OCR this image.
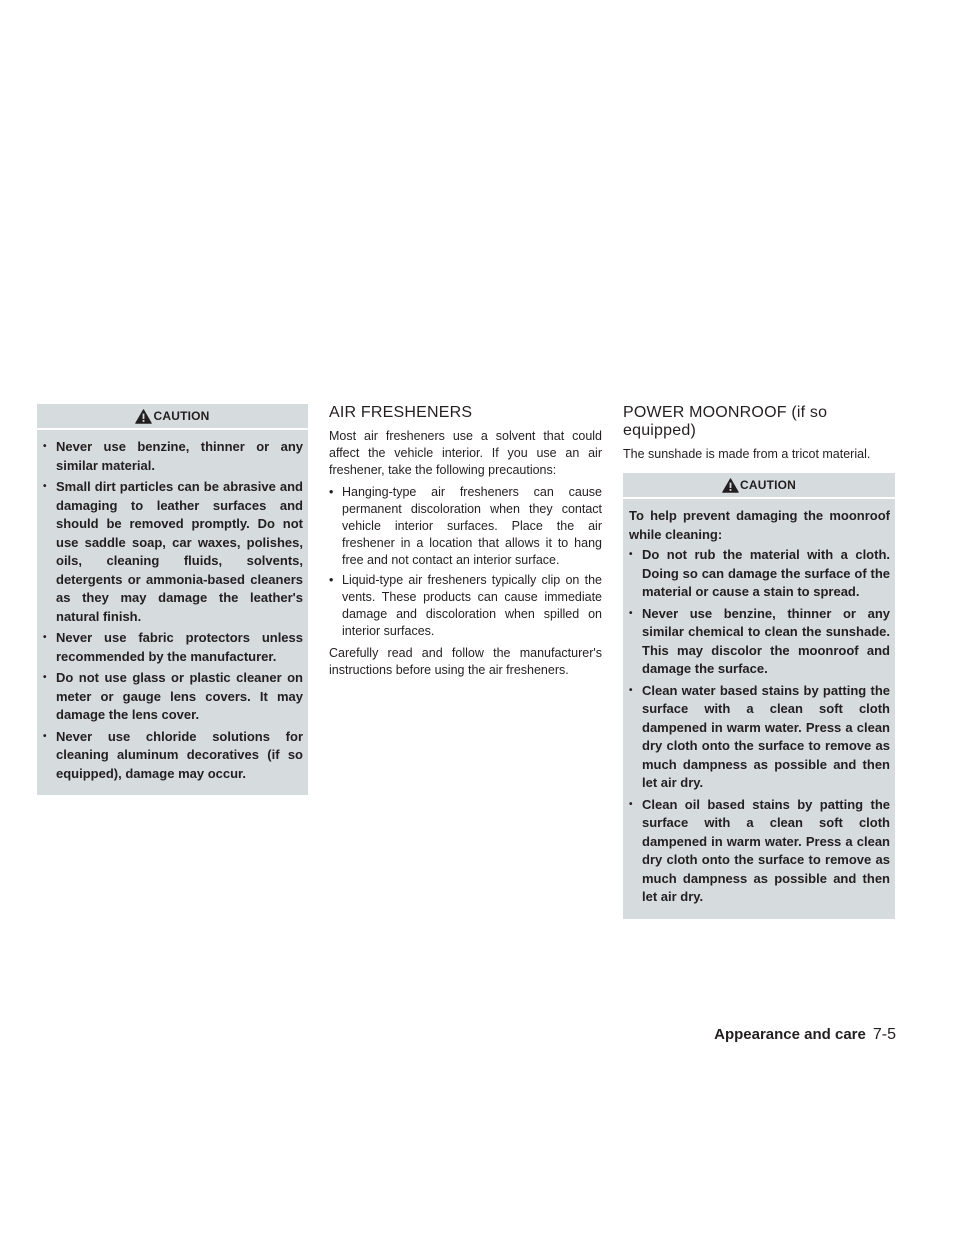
CAUTION
• Never use benzine, thinner or any similar material.
• Small dirt particles can be abrasive and damaging to leather surfaces and should be removed promptly. Do not use saddle soap, car waxes, polishes, oils, cleaning fluids, solvents, detergents or ammonia-based cleaners as they may damage the leather's natural finish.
• Never use fabric protectors unless recommended by the manufacturer.
• Do not use glass or plastic cleaner on meter or gauge lens covers. It may damage the lens cover.
• Never use chloride solutions for cleaning aluminum decoratives (if so equipped), damage may occur.
AIR FRESHENERS

Most air fresheners use a solvent that could affect the vehicle interior. If you use an air freshener, take the following precautions:

• Hanging-type air fresheners can cause permanent discoloration when they contact vehicle interior surfaces. Place the air freshener in a location that allows it to hang free and not contact an interior surface.
• Liquid-type air fresheners typically clip on the vents. These products can cause immediate damage and discoloration when spilled on interior surfaces.

Carefully read and follow the manufacturer's instructions before using the air fresheners.

POWER MOONROOF (if so equipped)

The sunshade is made from a tricot material.

CAUTION
To help prevent damaging the moonroof while cleaning:
• Do not rub the material with a cloth. Doing so can damage the surface of the material or cause a stain to spread.
• Never use benzine, thinner or any similar chemical to clean the sunshade. This may discolor the moonroof and damage the surface.
• Clean water based stains by patting the surface with a clean soft cloth dampened in warm water. Press a clean dry cloth onto the surface to remove as much dampness as possible and then let air dry.
• Clean oil based stains by patting the surface with a clean soft cloth dampened in warm water. Press a clean dry cloth onto the surface to remove as much dampness as possible and then let air dry.
Appearance and care 7-5
